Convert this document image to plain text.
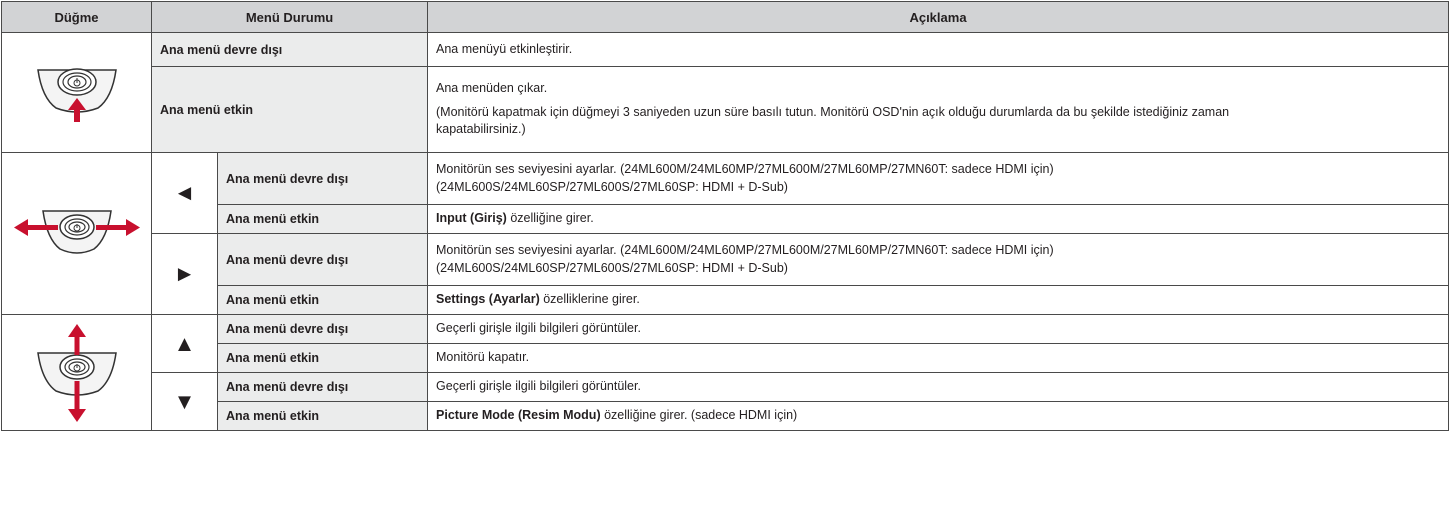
Düğme	Menü Durumu		Açıklama

	Ana menü devre dışı		Ana menüyü etkinleştirir.
	Ana menü etkin		Ana menüden çıkar.
(Monitörü kapatmak için düğmeyi 3 saniyeden uzun süre basılı tutun. Monitörü OSD'nin açık olduğu durumlarda da bu şekilde istediğiniz zaman
kapatabilirsiniz.)

	◄	Ana menü devre dışı	Monitörün ses seviyesini ayarlar. (24ML600M/24ML60MP/27ML600M/27ML60MP/27MN60T: sadece HDMI için)
(24ML600S/24ML60SP/27ML600S/27ML60SP: HDMI + D-Sub)

		Ana menü etkin	Input (Giriş) özelliğine girer.
	►	Ana menü devre dışı	Monitörün ses seviyesini ayarlar. (24ML600M/24ML60MP/27ML600M/27ML60MP/27MN60T: sadece HDMI için)
(24ML600S/24ML60SP/27ML600S/27ML60SP: HDMI + D-Sub)

		Ana menü etkin	Settings (Ayarlar) özelliklerine girer.

	▲	Ana menü devre dışı	Geçerli girişle ilgili bilgileri görüntüler.
		Ana menü etkin	Monitörü kapatır.
	▼	Ana menü devre dışı	Geçerli girişle ilgili bilgileri görüntüler.
		Ana menü etkin	Picture Mode (Resim Modu) özelliğine girer. (sadece HDMI için)
